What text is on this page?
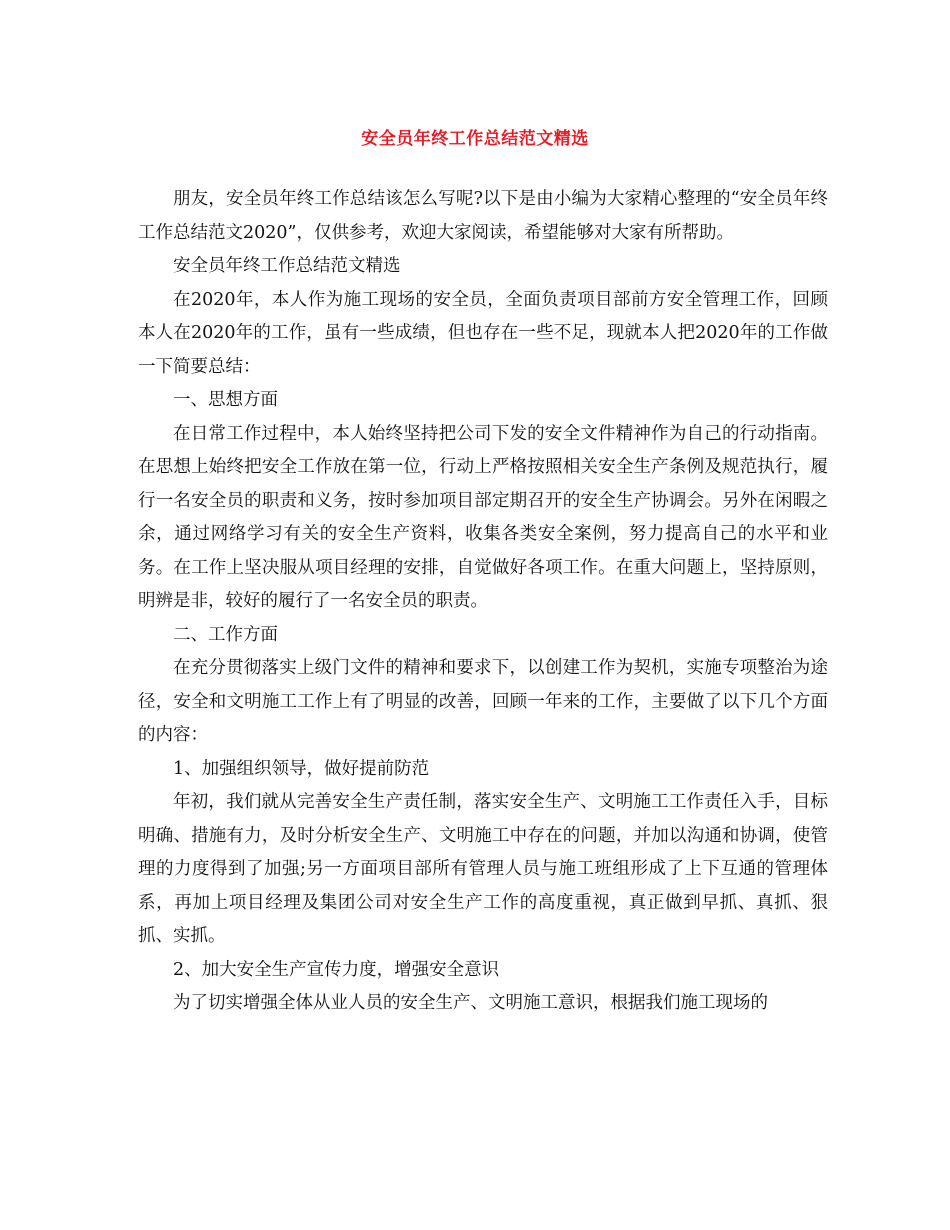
安全员年终工作总结范文精选

朋友，安全员年终工作总结该怎么写呢?以下是由小编为大家精心整理的“安全员年终工作总结范文2020”，仅供参考，欢迎大家阅读，希望能够对大家有所帮助。

安全员年终工作总结范文精选

在2020年，本人作为施工现场的安全员，全面负责项目部前方安全管理工作，回顾本人在2020年的工作，虽有一些成绩，但也存在一些不足，现就本人把2020年的工作做一下简要总结：

一、思想方面

在日常工作过程中，本人始终坚持把公司下发的安全文件精神作为自己的行动指南。在思想上始终把安全工作放在第一位，行动上严格按照相关安全生产条例及规范执行，履行一名安全员的职责和义务，按时参加项目部定期召开的安全生产协调会。另外在闲暇之余，通过网络学习有关的安全生产资料，收集各类安全案例，努力提高自己的水平和业务。在工作上坚决服从项目经理的安排，自觉做好各项工作。在重大问题上，坚持原则，明辨是非，较好的履行了一名安全员的职责。

二、工作方面

在充分贯彻落实上级门文件的精神和要求下，以创建工作为契机，实施专项整治为途径，安全和文明施工工作上有了明显的改善，回顾一年来的工作，主要做了以下几个方面的内容：

1、加强组织领导，做好提前防范

年初，我们就从完善安全生产责任制，落实安全生产、文明施工工作责任入手，目标明确、措施有力，及时分析安全生产、文明施工中存在的问题，并加以沟通和协调，使管理的力度得到了加强;另一方面项目部所有管理人员与施工班组形成了上下互通的管理体系，再加上项目经理及集团公司对安全生产工作的高度重视，真正做到早抓、真抓、狠抓、实抓。

2、加大安全生产宣传力度，增强安全意识

为了切实增强全体从业人员的安全生产、文明施工意识，根据我们施工现场的
